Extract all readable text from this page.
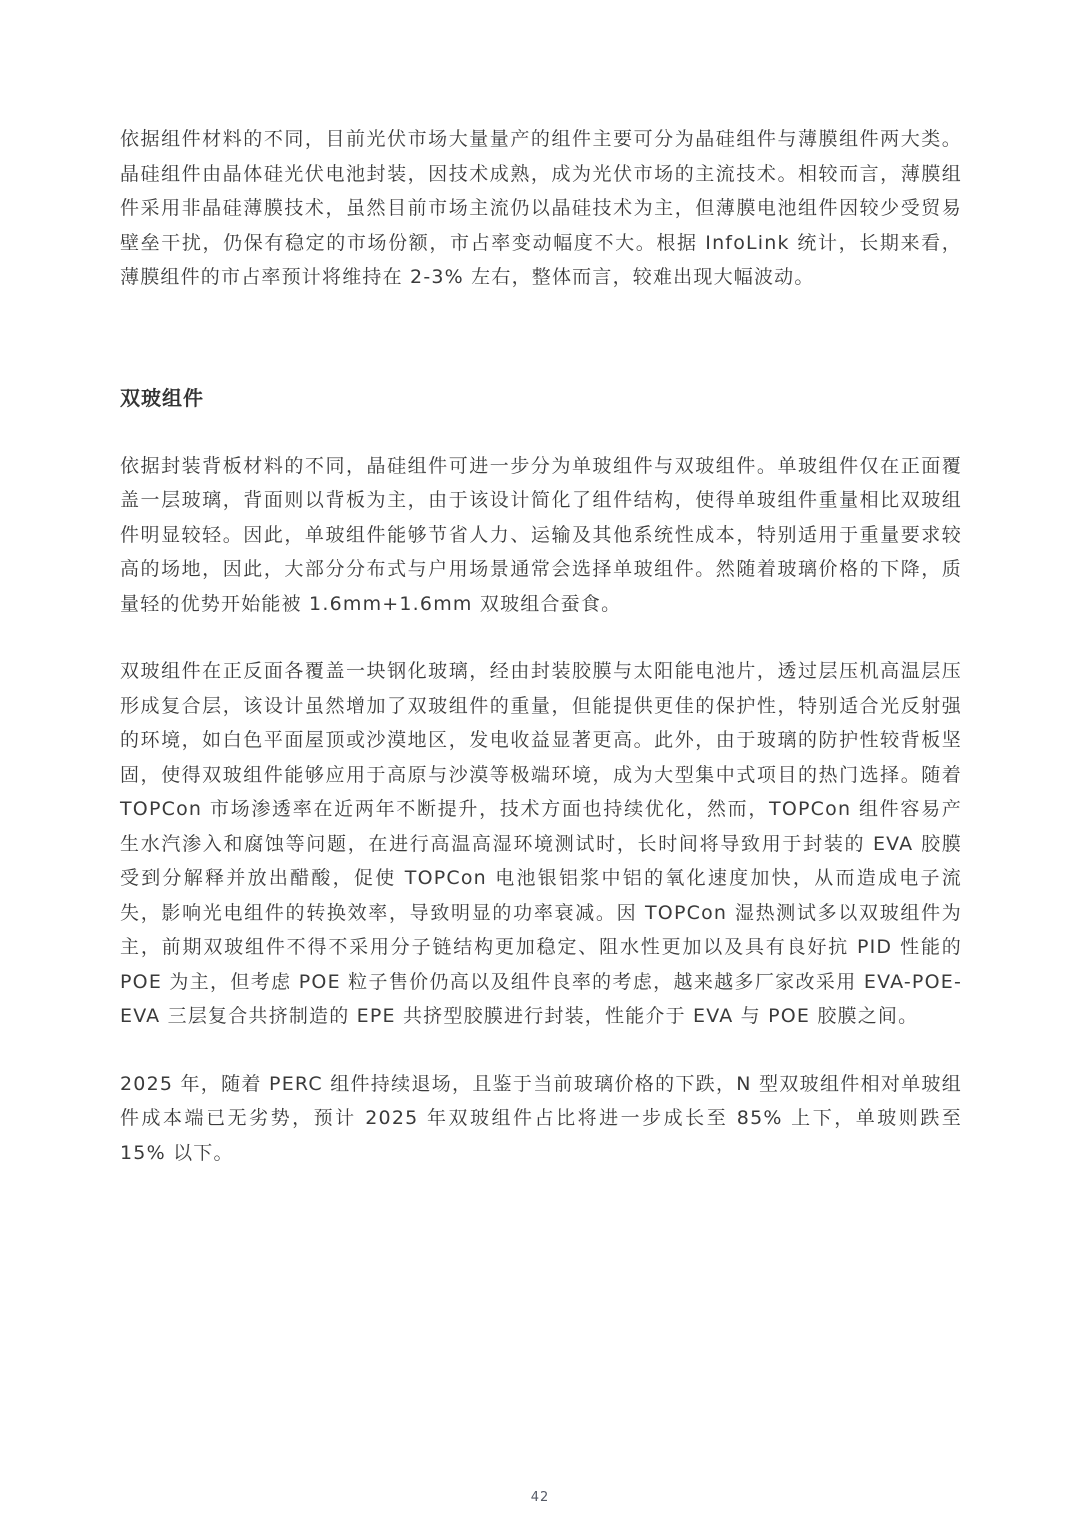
依据组件材料的不同，目前光伏市场大量量产的组件主要可分为晶硅组件与薄膜组件两大类。晶硅组件由晶体硅光伏电池封装，因技术成熟，成为光伏市场的主流技术。相较而言，薄膜组件采用非晶硅薄膜技术，虽然目前市场主流仍以晶硅技术为主，但薄膜电池组件因较少受贸易壁垒干扰，仍保有稳定的市场份额，市占率变动幅度不大。根据 InfoLink 统计，长期来看，薄膜组件的市占率预计将维持在 2-3% 左右，整体而言，较难出现大幅波动。

双玻组件

依据封装背板材料的不同，晶硅组件可进一步分为单玻组件与双玻组件。单玻组件仅在正面覆盖一层玻璃，背面则以背板为主，由于该设计简化了组件结构，使得单玻组件重量相比双玻组件明显较轻。因此，单玻组件能够节省人力、运输及其他系统性成本，特别适用于重量要求较高的场地，因此，大部分分布式与户用场景通常会选择单玻组件。然随着玻璃价格的下降，质量轻的优势开始能被 1.6mm+1.6mm 双玻组合蚕食。

双玻组件在正反面各覆盖一块钢化玻璃，经由封装胶膜与太阳能电池片，透过层压机高温层压形成复合层，该设计虽然增加了双玻组件的重量，但能提供更佳的保护性，特别适合光反射强的环境，如白色平面屋顶或沙漠地区，发电收益显著更高。此外，由于玻璃的防护性较背板坚固，使得双玻组件能够应用于高原与沙漠等极端环境，成为大型集中式项目的热门选择。随着 TOPCon 市场渗透率在近两年不断提升，技术方面也持续优化，然而，TOPCon 组件容易产生水汽渗入和腐蚀等问题，在进行高温高湿环境测试时，长时间将导致用于封装的 EVA 胶膜受到分解释并放出醋酸，促使 TOPCon 电池银铝浆中铝的氧化速度加快，从而造成电子流失，影响光电组件的转换效率，导致明显的功率衰减。因 TOPCon 湿热测试多以双玻组件为主，前期双玻组件不得不采用分子链结构更加稳定、阻水性更加以及具有良好抗 PID 性能的 POE 为主，但考虑 POE 粒子售价仍高以及组件良率的考虑，越来越多厂家改采用 EVA-POE-EVA 三层复合共挤制造的 EPE 共挤型胶膜进行封装，性能介于 EVA 与 POE 胶膜之间。

2025 年，随着 PERC 组件持续退场，且鉴于当前玻璃价格的下跌，N 型双玻组件相对单玻组件成本端已无劣势，预计 2025 年双玻组件占比将进一步成长至 85% 上下，单玻则跌至 15% 以下。

42
